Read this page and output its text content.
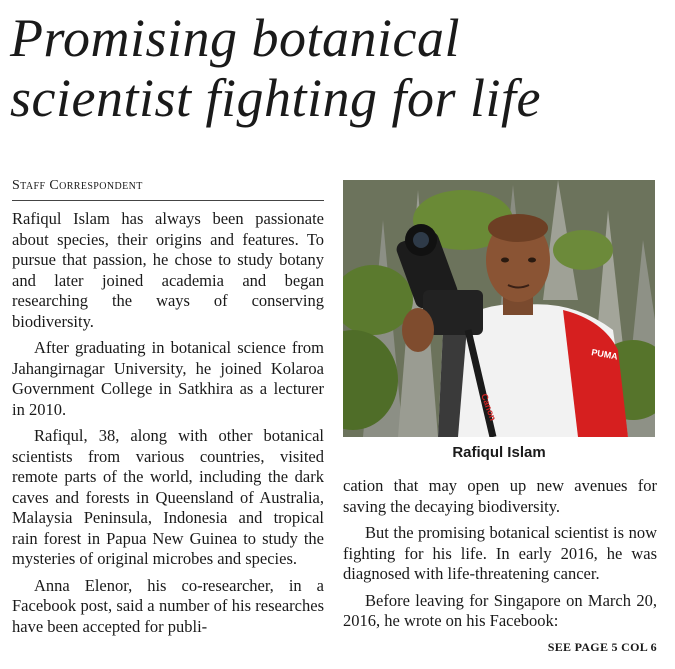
Promising botanical
scientist fighting for life
Staff Correspondent

Rafiqul Islam has always been passionate about species, their origins and features. To pursue that passion, he chose to study botany and later joined academia and began researching the ways of conserving biodiversity.

After graduating in botanical science from Jahangirnagar University, he joined Kolaroa Government College in Satkhira as a lecturer in 2010.

Rafiqul, 38, along with other botanical scientists from various countries, visited remote parts of the world, including the dark caves and forests in Queensland of Australia, Malaysia Peninsula, Indonesia and tropical rain forest in Papua New Guinea to study the mysteries of original microbes and species.

Anna Elenor, his co-researcher, in a Facebook post, said a number of his researches have been accepted for publi-

Canon
PUMA
Rafiqul Islam

cation that may open up new avenues for saving the decaying biodiversity.

But the promising botanical scientist is now fighting for his life. In early 2016, he was diagnosed with life-threatening cancer.

Before leaving for Singapore on March 20, 2016, he wrote on his Facebook:

SEE PAGE 5 COL 6
